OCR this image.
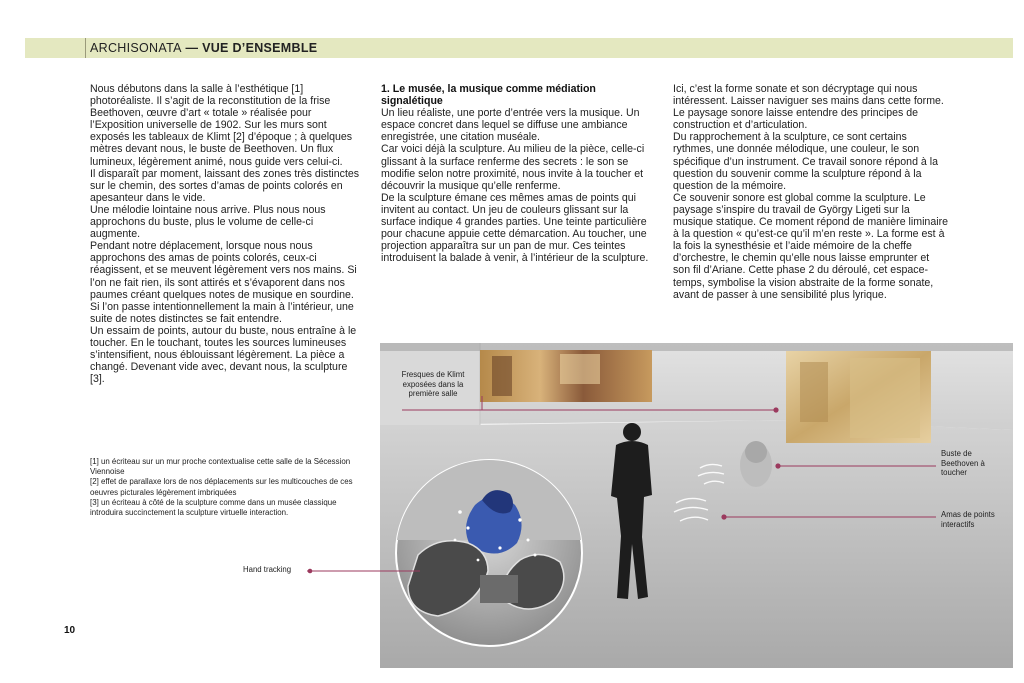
ARCHISONATA — VUE D’ENSEMBLE

Nous débutons dans la salle à l’esthétique [1] photoréaliste. Il s’agit de la reconstitution de la frise Beethoven, œuvre d’art « totale » réalisée pour l’Exposition universelle de 1902. Sur les murs sont exposés les tableaux de Klimt [2] d’époque ; à quelques mètres devant nous, le buste de Beethoven. Un flux lumineux, légèrement animé, nous guide vers celui-ci.

Il disparaît par moment, laissant des zones très distinctes sur le chemin, des sortes d’amas de points colorés en apesanteur dans le vide.

Une mélodie lointaine nous arrive. Plus nous nous approchons du buste, plus le volume de celle-ci augmente.

Pendant notre déplacement, lorsque nous nous approchons des amas de points colorés, ceux-ci réagissent, et se meuvent légèrement vers nos mains. Si l’on ne fait rien, ils sont attirés et s’évaporent dans nos paumes créant quelques notes de musique en sourdine.

Si l’on passe intentionnellement la main à l’intérieur, une suite de notes distinctes se fait entendre.

Un essaim de points, autour du buste, nous entraîne à le toucher. En le touchant, toutes les sources lumineuses s’intensifient, nous éblouissant légèrement. La pièce a changé. Devenant vide avec, devant nous, la sculpture [3].

1. Le musée, la musique comme médiation signalétique

Un lieu réaliste, une porte d’entrée vers la musique. Un espace concret dans lequel se diffuse une ambiance enregistrée, une citation muséale.

Car voici déjà la sculpture. Au milieu de la pièce, celle-ci glissant à la surface renferme des secrets : le son se modifie selon notre proximité, nous invite à la toucher et découvrir la musique qu’elle renferme.

De la sculpture émane ces mêmes amas de points qui invitent au contact. Un jeu de couleurs glissant sur la surface indique 4 grandes parties. Une teinte particulière pour chacune appuie cette démarcation. Au toucher, une projection apparaîtra sur un pan de mur. Ces teintes introduisent la balade à venir, à l’intérieur de la sculpture.

Ici, c’est la forme sonate et son décryptage qui nous intéressent. Laisser naviguer ses mains dans cette forme. Le paysage sonore laisse entendre des principes de construction et d’articulation.

Du rapprochement à la sculpture, ce sont certains rythmes, une donnée mélodique, une couleur, le son spécifique d’un instrument. Ce travail sonore répond à la question du souvenir comme la sculpture répond à la question de la mémoire.

Ce souvenir sonore est global comme la sculpture. Le paysage s’inspire du travail de György Ligeti sur la musique statique. Ce moment répond de manière liminaire à la question « qu’est-ce qu’il m’en reste ». La forme est à la fois la synesthésie et l’aide mémoire de la cheffe d’orchestre, le chemin qu’elle nous laisse emprunter et son fil d’Ariane. Cette phase 2 du déroulé, cet espace-temps, symbolise la vision abstraite de la forme sonate, avant de passer à une sensibilité plus lyrique.

[1] un écriteau sur un mur proche contextualise cette salle de la Sécession Viennoise

[2] effet de parallaxe lors de nos déplacements sur les multicouches de ces oeuvres picturales légèrement imbriquées

[3] un écriteau à côté de la sculpture comme dans un musée classique introduira succinctement la sculpture virtuelle interaction.

10
Fresques de Klimt exposées dans la première salle
Buste de Beethoven à toucher
Amas de points interactifs
Hand tracking
